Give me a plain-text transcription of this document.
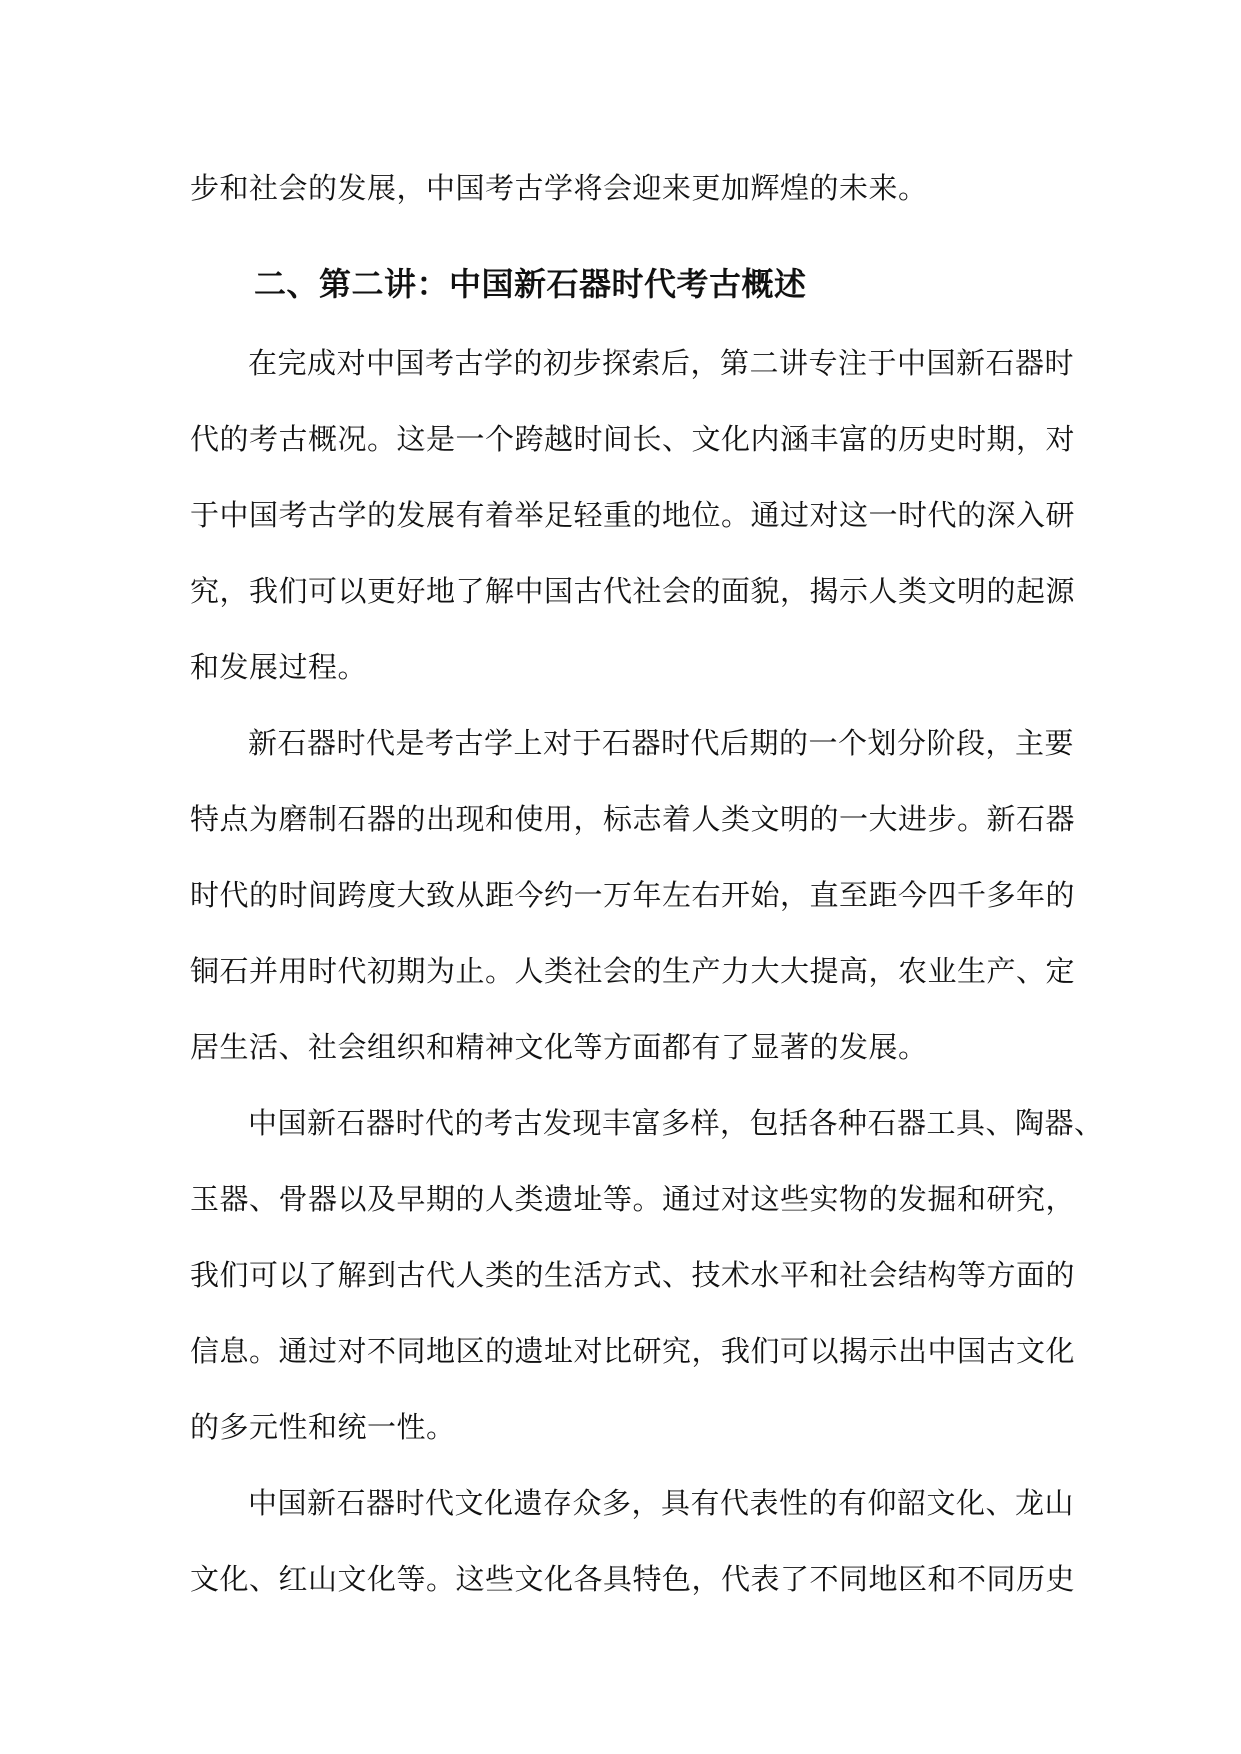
步和社会的发展，中国考古学将会迎来更加辉煌的未来。

二、第二讲：中国新石器时代考古概述

在完成对中国考古学的初步探索后，第二讲专注于中国新石器时
代的考古概况。这是一个跨越时间长、文化内涵丰富的历史时期，对
于中国考古学的发展有着举足轻重的地位。通过对这一时代的深入研
究，我们可以更好地了解中国古代社会的面貌，揭示人类文明的起源
和发展过程。

新石器时代是考古学上对于石器时代后期的一个划分阶段，主要
特点为磨制石器的出现和使用，标志着人类文明的一大进步。新石器
时代的时间跨度大致从距今约一万年左右开始，直至距今四千多年的
铜石并用时代初期为止。人类社会的生产力大大提高，农业生产、定
居生活、社会组织和精神文化等方面都有了显著的发展。

中国新石器时代的考古发现丰富多样，包括各种石器工具、陶器、
玉器、骨器以及早期的人类遗址等。通过对这些实物的发掘和研究，
我们可以了解到古代人类的生活方式、技术水平和社会结构等方面的
信息。通过对不同地区的遗址对比研究，我们可以揭示出中国古文化
的多元性和统一性。

中国新石器时代文化遗存众多，具有代表性的有仰韶文化、龙山
文化、红山文化等。这些文化各具特色，代表了不同地区和不同历史
